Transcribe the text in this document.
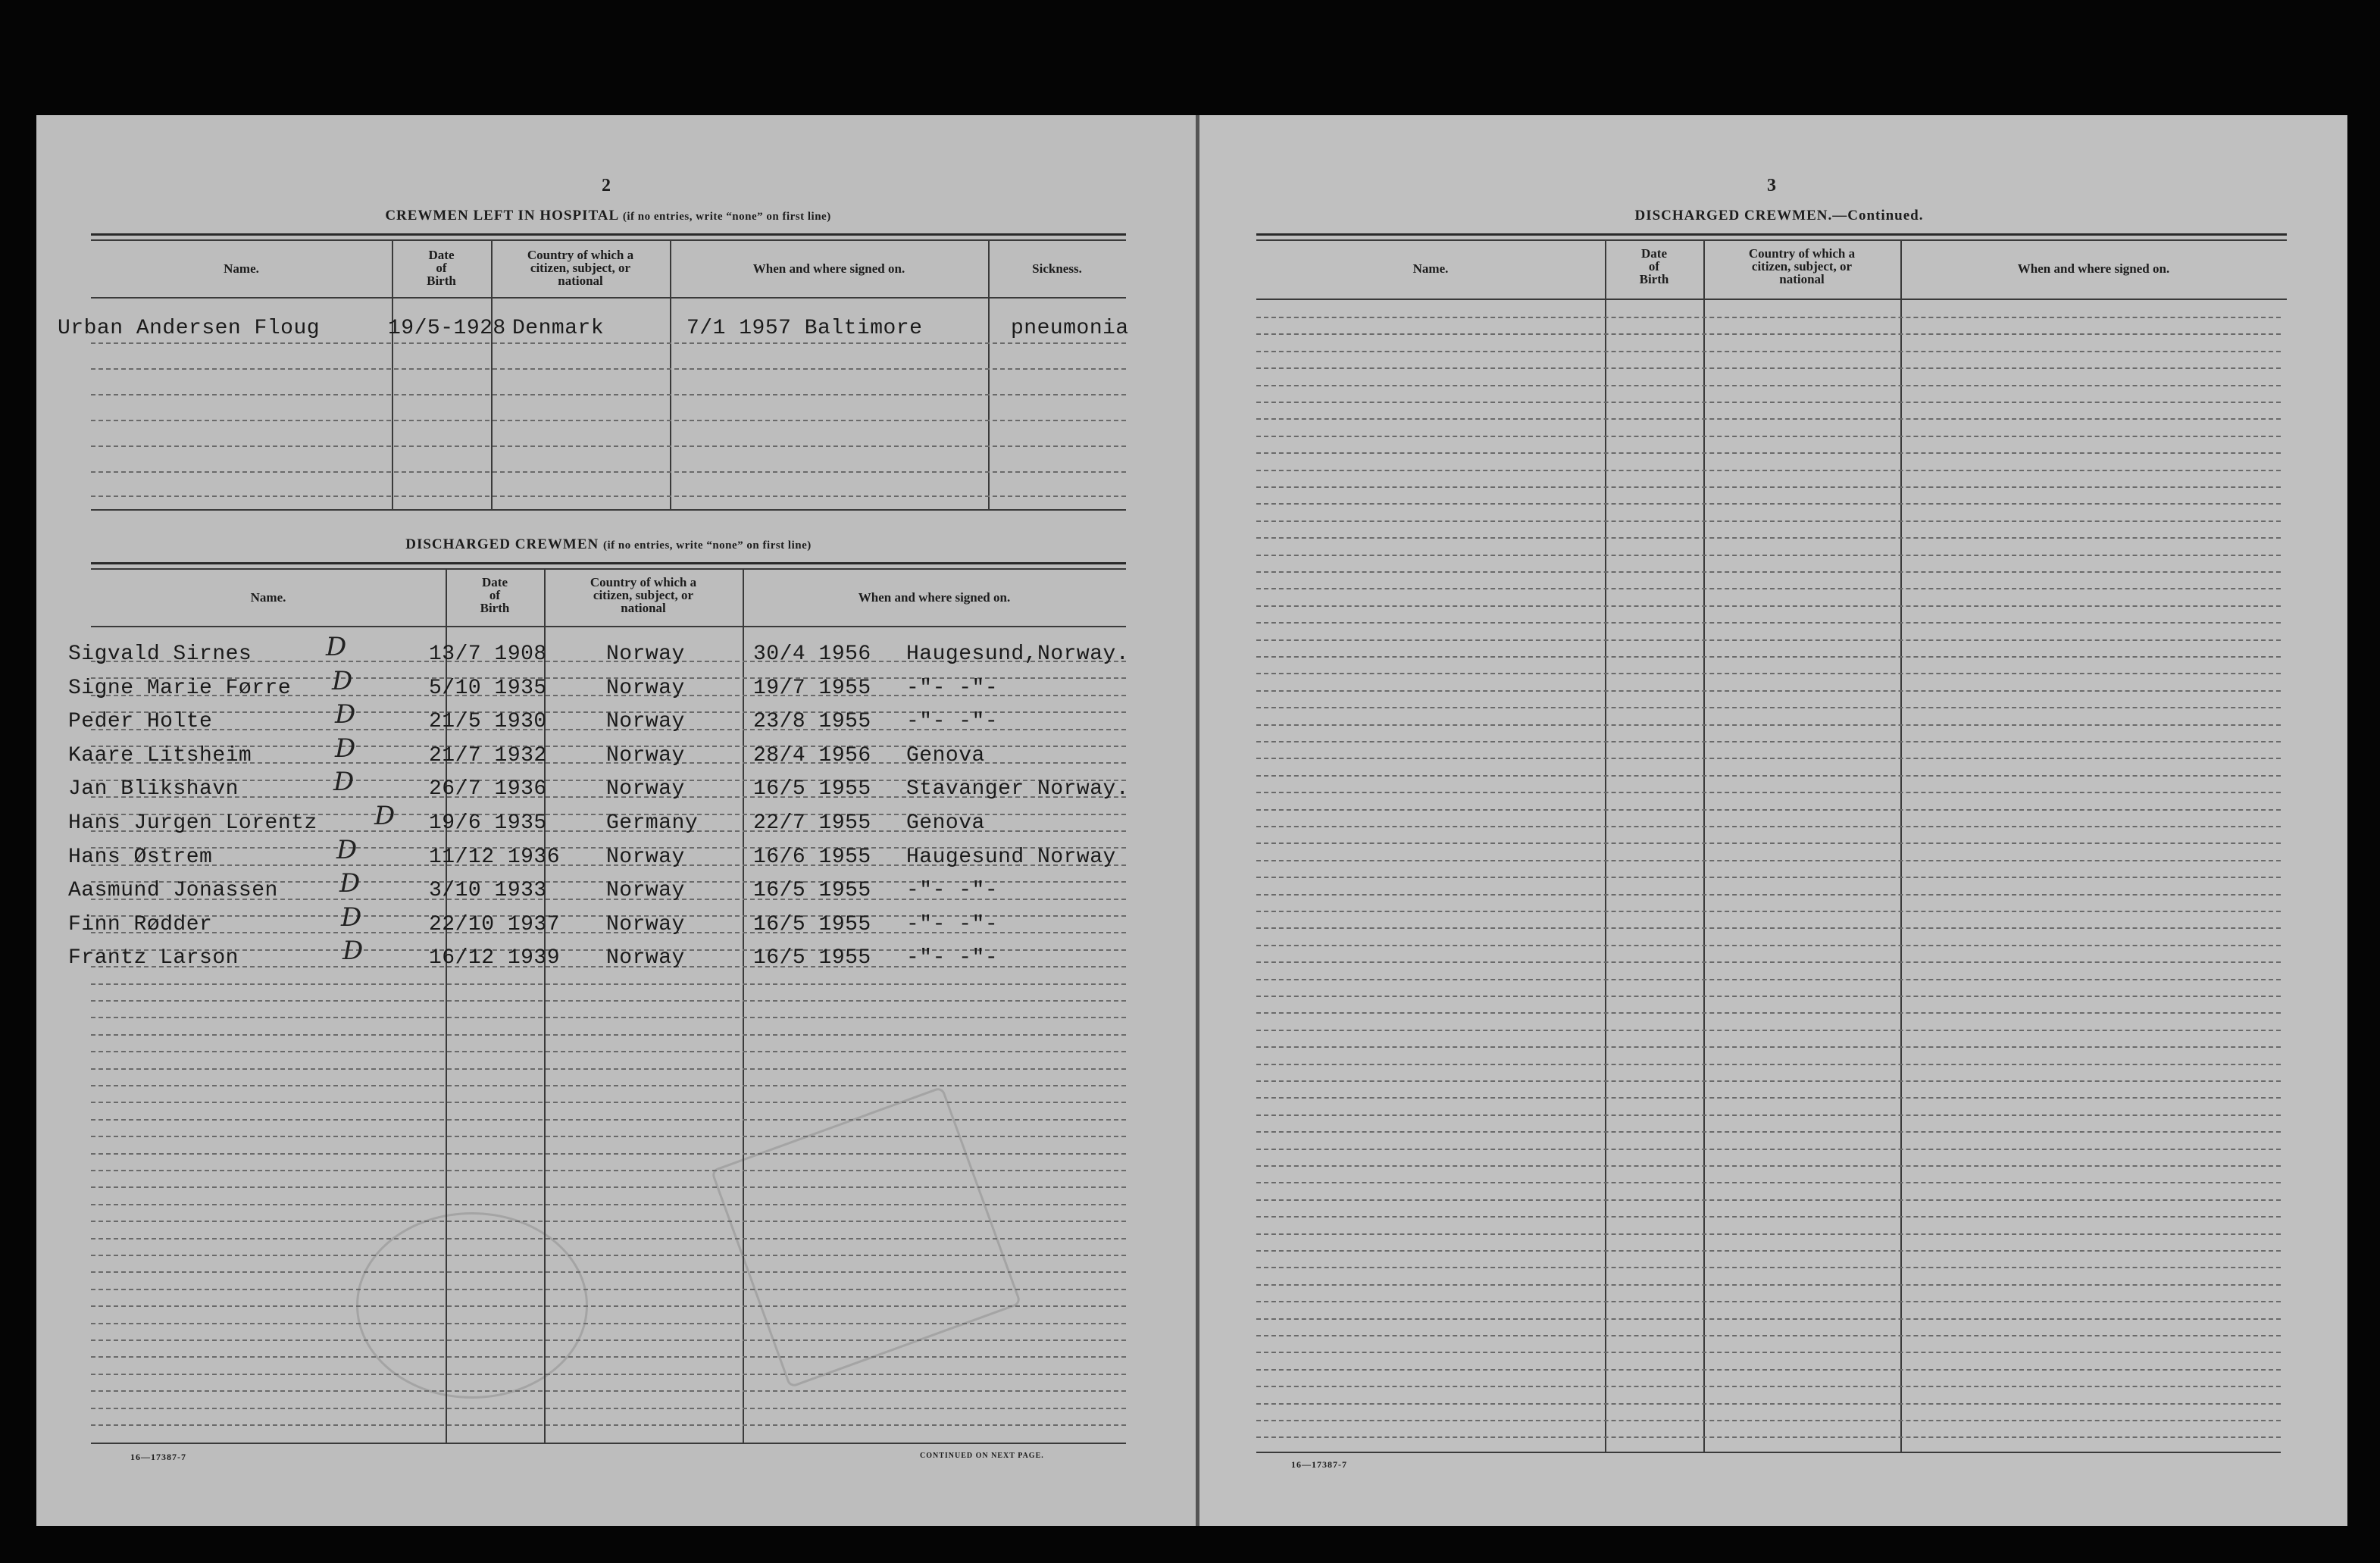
2
CREWMEN LEFT IN HOSPITAL (if no entries, write “none” on first line)
Name.
Date
of
Birth
Country of which a
citizen, subject, or
national
When and where signed on.	Sickness.
Urban Andersen Floug	19/5-1928 Denmark	7/1 1957 Baltimore	pneumonia
DISCHARGED CREWMEN (if no entries, write “none” on first line)
Name.
Date
of
Birth
Country of which a
citizen, subject, or
national
When and where signed on.
Sigvald Sirnes	13/7 1908	Norway	30/4 1956 Haugesund,Norway.
D
Signe Marie Førre	5/10 1935	Norway	19/7 1955 -"- -"-
D
Peder Holte	21/5 1930	Norway	23/8 1955 -"- -"-
D
Kaare Litsheim	21/7 1932	Norway	28/4 1956 Genova
D
Jan Blikshavn	26/7 1936	Norway	16/5 1955 Stavanger Norway.
D
Hans Jurgen Lorentz	19/6 1935	Germany	22/7 1955 Genova
D
Hans Østrem	11/12 1936 Norway	16/6 1955 Haugesund Norway
D
Aasmund Jonassen	3/10 1933	Norway	16/5 1955 -"- -"-
D
Finn Rødder	22/10 1937 Norway	16/5 1955 -"- -"-
D
Frantz Larson	16/12 1939 Norway	16/5 1955 -"- -"-
D
16—17387-7	CONTINUED ON NEXT PAGE.
3
DISCHARGED CREWMEN.—Continued.
Name.
Date
of
Birth
Country of which a
citizen, subject, or
national
When and where signed on.
16—17387-7
